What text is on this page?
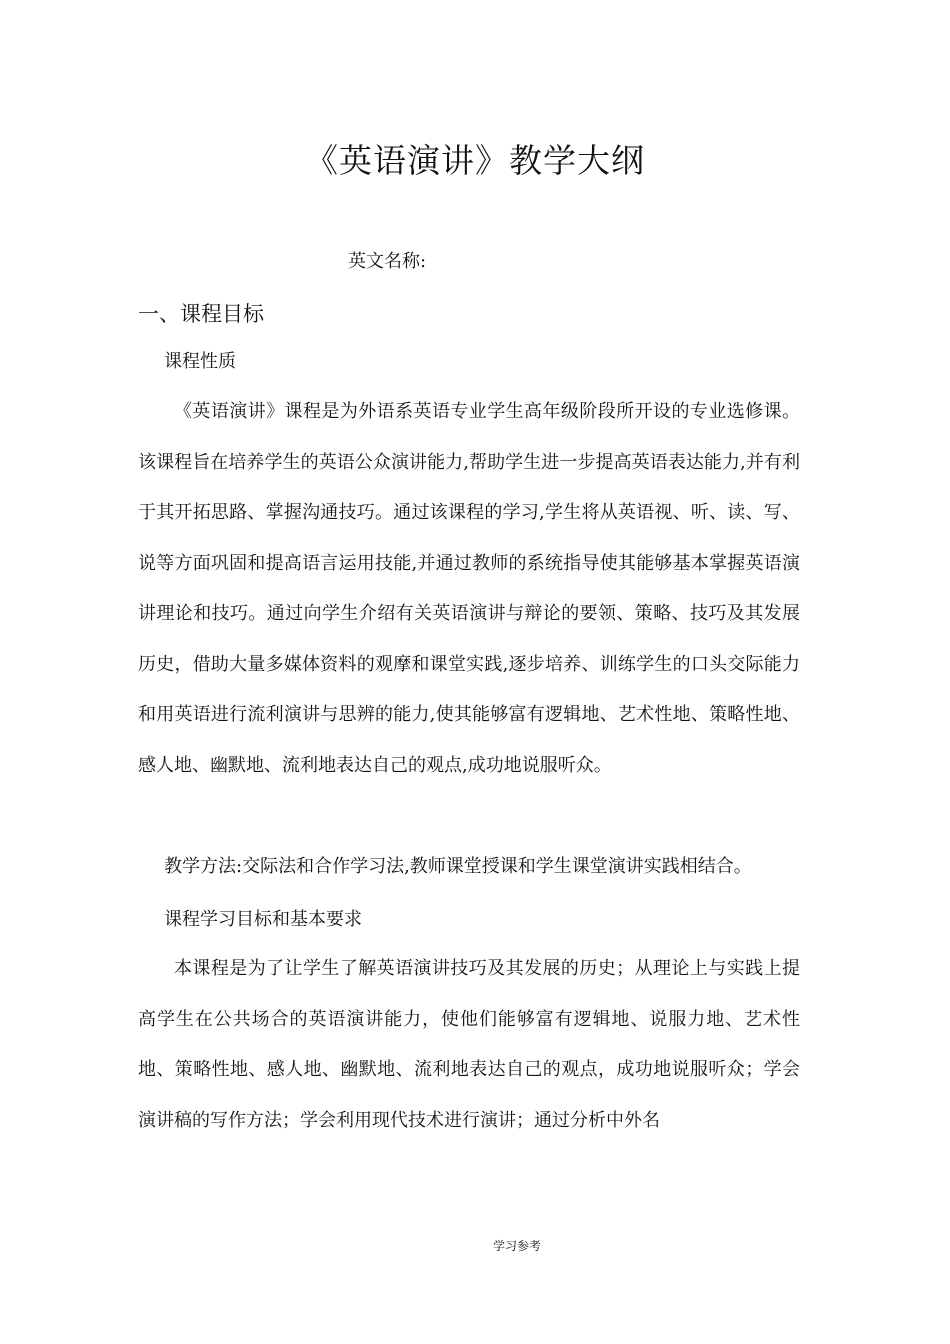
《英语演讲》教学大纲
英文名称:
一、课程目标
课程性质

《英语演讲》课程是为外语系英语专业学生高年级阶段所开设的专业选修课。该课程旨在培养学生的英语公众演讲能力,帮助学生进一步提高英语表达能力,并有利于其开拓思路、掌握沟通技巧。通过该课程的学习,学生将从英语视、听、读、写、说等方面巩固和提高语言运用技能,并通过教师的系统指导使其能够基本掌握英语演讲理论和技巧。通过向学生介绍有关英语演讲与辩论的要领、策略、技巧及其发展历史，借助大量多媒体资料的观摩和课堂实践,逐步培养、训练学生的口头交际能力和用英语进行流利演讲与思辨的能力,使其能够富有逻辑地、艺术性地、策略性地、感人地、幽默地、流利地表达自己的观点,成功地说服听众。

教学方法:交际法和合作学习法,教师课堂授课和学生课堂演讲实践相结合。
课程学习目标和基本要求

本课程是为了让学生了解英语演讲技巧及其发展的历史；从理论上与实践上提高学生在公共场合的英语演讲能力，使他们能够富有逻辑地、说服力地、艺术性地、策略性地、感人地、幽默地、流利地表达自己的观点，成功地说服听众；学会演讲稿的写作方法；学会利用现代技术进行演讲；通过分析中外名

学习参考
